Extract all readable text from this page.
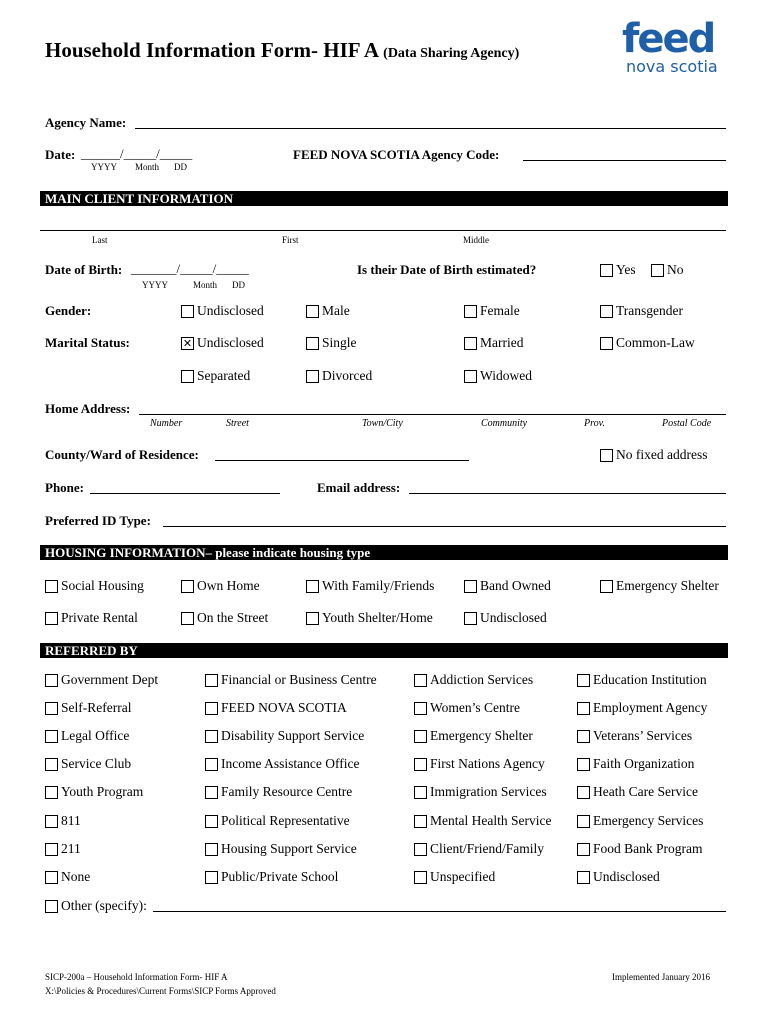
Household Information Form- HIF A (Data Sharing Agency)	feed
nova scotia
Agency Name:
Date: ______/_____/_____
YYYY Month DD
FEED NOVA SCOTIA Agency Code:
MAIN CLIENT INFORMATION
Last	First	Middle
Date of Birth: _______/_____/_____
YYYY	Month DD
Is their Date of Birth estimated?	Yes No
Gender:	Undisclosed	Male	Female	Transgender
Marital Status:	✕ Undisclosed	Single	Married	Common-Law
Separated	Divorced	Widowed
Home Address:
Number	Street	Town/City	Community	Prov.	Postal Code
County/Ward of Residence:	No fixed address
Phone:	Email address:
Preferred ID Type:
HOUSING INFORMATION– please indicate housing type
Social Housing	Own Home	With Family/Friends	Band Owned	Emergency Shelter
Private Rental	On the Street	Youth Shelter/Home	Undisclosed
REFERRED BY
Government Dept	Financial or Business Centre	Addiction Services	Education Institution
Self-Referral	FEED NOVA SCOTIA	Women’s Centre	Employment Agency
Legal Office	Disability Support Service	Emergency Shelter	Veterans’ Services
Service Club	Income Assistance Office	First Nations Agency	Faith Organization
Youth Program	Family Resource Centre	Immigration Services	Heath Care Service
811	Political Representative	Mental Health Service	Emergency Services
211	Housing Support Service	Client/Friend/Family	Food Bank Program
None	Public/Private School	Unspecified	Undisclosed
Other (specify):
SICP-200a – Household Information Form- HIF A
X:\Policies & Procedures\Current Forms\SICP Forms Approved
Implemented January 2016
